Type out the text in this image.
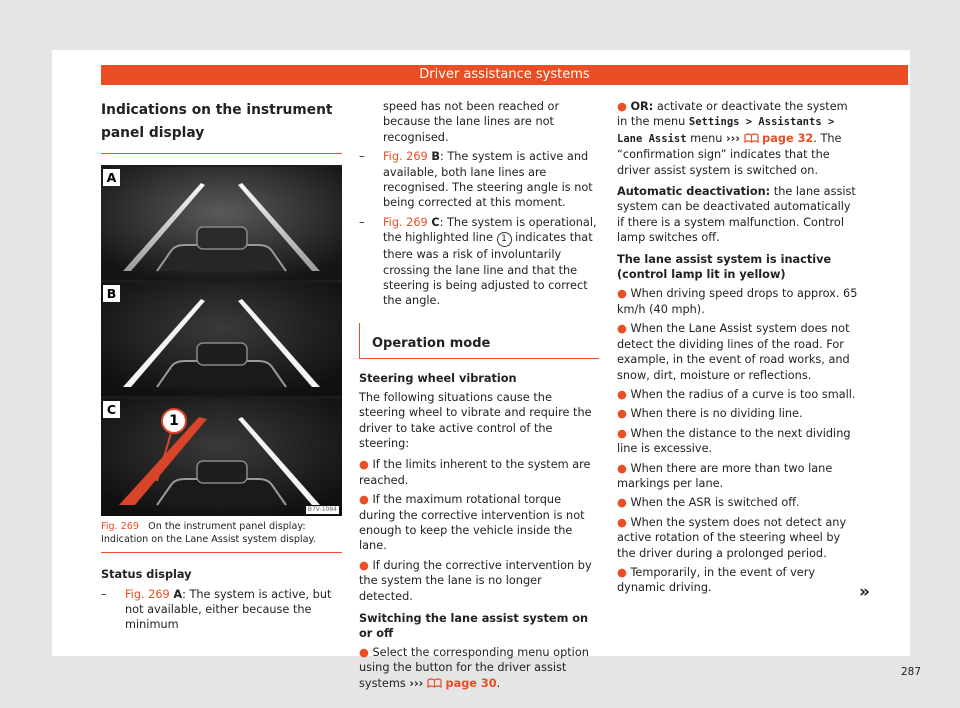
Driver assistance systems
Indications on the instrument panel display
A
B
1
C
B7V-1084
Fig. 269 On the instrument panel display: Indication on the Lane Assist system display.

Status display

– Fig. 269 A: The system is active, but not available, either because the minimum
speed has not been reached or because the lane lines are not recognised.
– Fig. 269 B: The system is active and available, both lane lines are recognised. The steering angle is not being corrected at this moment.
– Fig. 269 C: The system is operational, the highlighted line 1 indicates that there was a risk of involuntarily crossing the lane line and that the steering is being adjusted to correct the angle.
Operation mode

Steering wheel vibration

The following situations cause the steering wheel to vibrate and require the driver to take active control of the steering:
● If the limits inherent to the system are reached.
● If the maximum rotational torque during the corrective intervention is not enough to keep the vehicle inside the lane.
● If during the corrective intervention by the system the lane is no longer detected.

Switching the lane assist system on or off

● Select the corresponding menu option using the button for the driver assist systems ››› page 30.
● OR: activate or deactivate the system in the menu Settings > Assistants > Lane Assist menu ››› page 32. The “confirmation sign” indicates that the driver assist system is switched on.
Automatic deactivation: the lane assist system can be deactivated automatically if there is a system malfunction. Control lamp switches off.

The lane assist system is inactive (control lamp lit in yellow)

● When driving speed drops to approx. 65 km/h (40 mph).
● When the Lane Assist system does not detect the dividing lines of the road. For example, in the event of road works, and snow, dirt, moisture or reflections.
● When the radius of a curve is too small.
● When there is no dividing line.
● When the distance to the next dividing line is excessive.
● When there are more than two lane markings per lane.
● When the ASR is switched off.
● When the system does not detect any active rotation of the steering wheel by the driver during a prolonged period.
● Temporarily, in the event of very dynamic driving.	»
287
